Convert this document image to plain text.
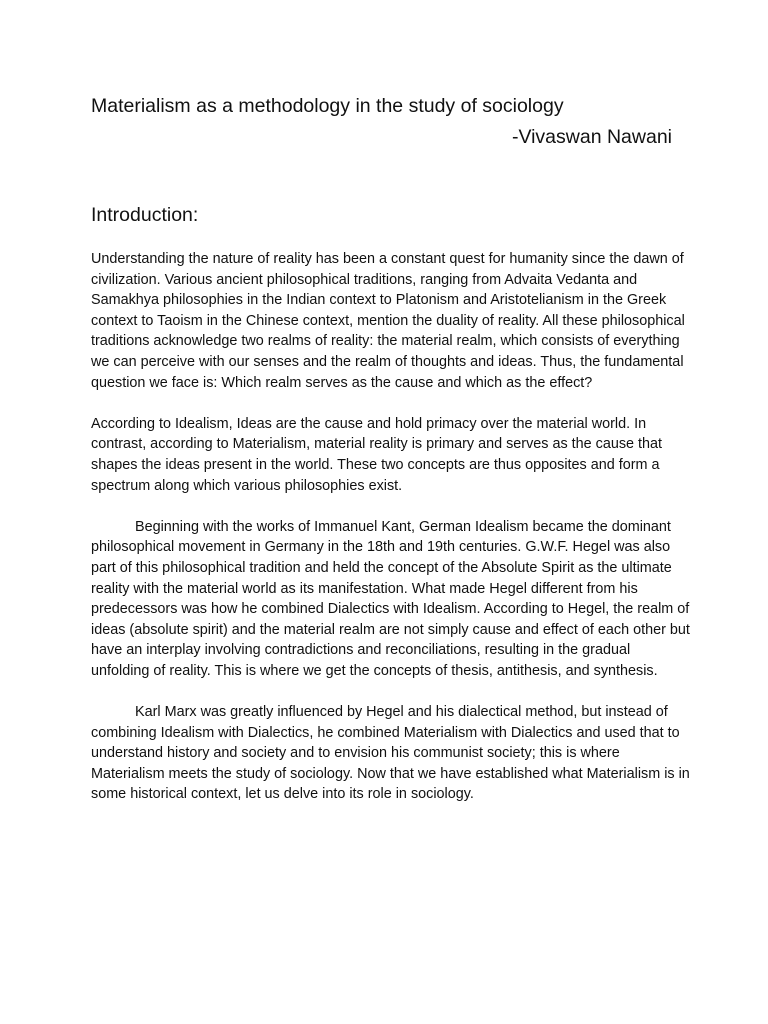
Materialism as a methodology in the study of sociology
-Vivaswan Nawani
Introduction:

Understanding the nature of reality has been a constant quest for humanity since the dawn of civilization. Various ancient philosophical traditions, ranging from Advaita Vedanta and Samakhya philosophies in the Indian context to Platonism and Aristotelianism in the Greek context to Taoism in the Chinese context, mention the duality of reality. All these philosophical traditions acknowledge two realms of reality: the material realm, which consists of everything we can perceive with our senses and the realm of thoughts and ideas. Thus, the fundamental question we face is: Which realm serves as the cause and which as the effect?

According to Idealism, Ideas are the cause and hold primacy over the material world. In contrast, according to Materialism, material reality is primary and serves as the cause that shapes the ideas present in the world. These two concepts are thus opposites and form a spectrum along which various philosophies exist.

Beginning with the works of Immanuel Kant, German Idealism became the dominant philosophical movement in Germany in the 18th and 19th centuries. G.W.F. Hegel was also part of this philosophical tradition and held the concept of the Absolute Spirit as the ultimate reality with the material world as its manifestation. What made Hegel different from his predecessors was how he combined Dialectics with Idealism. According to Hegel, the realm of ideas (absolute spirit) and the material realm are not simply cause and effect of each other but have an interplay involving contradictions and reconciliations, resulting in the gradual unfolding of reality. This is where we get the concepts of thesis, antithesis, and synthesis.

Karl Marx was greatly influenced by Hegel and his dialectical method, but instead of combining Idealism with Dialectics, he combined Materialism with Dialectics and used that to understand history and society and to envision his communist society; this is where Materialism meets the study of sociology. Now that we have established what Materialism is in some historical context, let us delve into its role in sociology.
